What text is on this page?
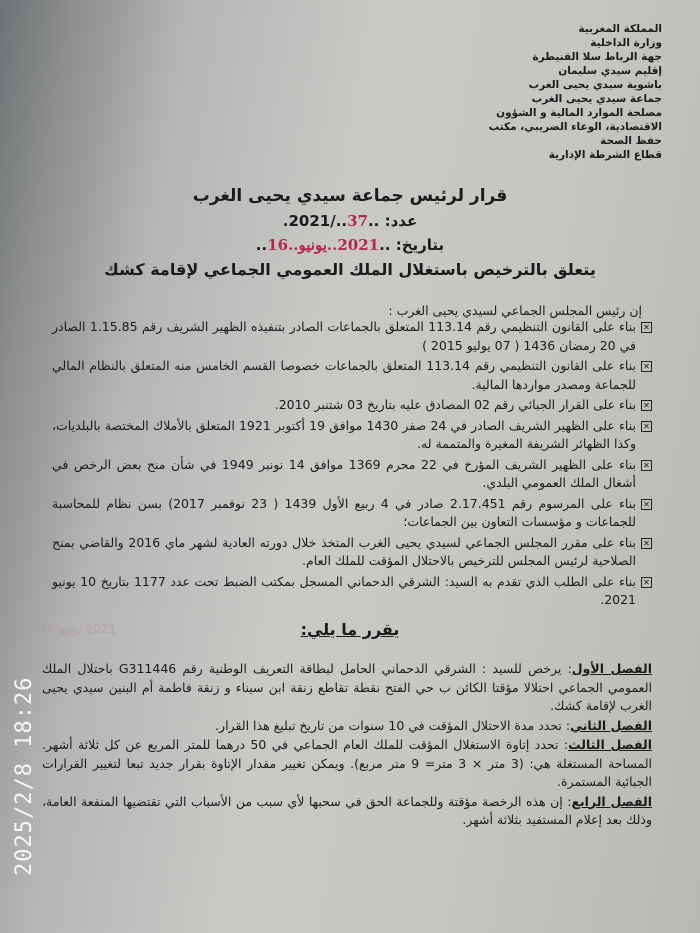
المملكة المغربية
وزارة الداخلية
جهة الرباط سلا القنيطرة
إقليم سيدي سليمان
باشوية سيدي يحيى الغرب
جماعة سيدي يحيى الغرب
مصلحة الموارد المالية و الشؤون
الاقتصادية، الوعاء الضريبي، مكتب
حفظ الصحة
قطاع الشرطة الإدارية
قرار لرئيس جماعة سيدي يحيى الغرب
عدد: ..37../2021.
بتاريخ: ..2021..يونيو..16..
يتعلق بالترخيص باستغلال الملك العمومي الجماعي لإقامة كشك
إن رئيس المجلس الجماعي لسيدي يحيى الغرب :
✕
بناء على القانون التنظيمي رقم 113.14 المتعلق بالجماعات الصادر بتنفيذه الظهير الشريف رقم 1.15.85 الصادر في 20 رمضان 1436 ( 07 يوليو 2015 )
✕
بناء على القانون التنظيمي رقم 113.14 المتعلق بالجماعات خصوصا القسم الخامس منه المتعلق بالنظام المالي للجماعة ومصدر مواردها المالية.
✕
بناء على القرار الجبائي رقم 02 المصادق عليه بتاريخ 03 شتنبر 2010.
✕
بناء على الظهير الشريف الصادر في 24 صفر 1430 موافق 19 أكتوبر 1921 المتعلق بالأملاك المختصة بالبلديات، وكذا الظهائر الشريفة المغيرة والمتممة له.
✕
بناء على الظهير الشريف المؤرخ في 22 محرم 1369 موافق 14 نونبر 1949 في شأن منح بعض الرخص في أشغال الملك العمومي البلدي.
✕
بناء على المرسوم رقم 2.17.451 صادر في 4 ربيع الأول 1439 ( 23 نوفمبر 2017) بسن نظام للمحاسبة للجماعات و مؤسسات التعاون بين الجماعات؛
✕
بناء على مقرر المجلس الجماعي لسيدي يحيى الغرب المتخذ خلال دورته العادية لشهر ماي 2016 والقاضي بمنح الصلاحية لرئيس المجلس للترخيص بالاحتلال المؤقت للملك العام.
✕
بناء على الطلب الذي تقدم به السيد: الشرقي الدحماني المسجل بمكتب الضبط تحت عدد 1177 بتاريخ 10 يونيو 2021.
يقرر ما يلي:
2021 يونيو 16
الفصل الأول: يرخص للسيد : الشرقي الدحماني الحامل لبطاقة التعريف الوطنية رقم G311446 باحتلال الملك العمومي الجماعي احتلالا مؤقتا الكائن ب حي الفتح نقطة تقاطع زنقة ابن سيناء و زنقة فاطمة أم البنين سيدي يحيى الغرب لإقامة كشك.
الفصل الثاني: تحدد مدة الاحتلال المؤقت في 10 سنوات من تاريخ تبليغ هذا القرار.
الفصل الثالث: تحدد إتاوة الاستغلال المؤقت للملك العام الجماعي في 50 درهما للمتر المربع عن كل ثلاثة أشهر. المساحة المستغلة هي: (3 متر × 3 متر= 9 متر مربع). ويمكن تغيير مقدار الإتاوة بقرار جديد تبعا لتغيير القرارات الجبائية المستمرة.
الفصل الرابع: إن هذه الرخصة مؤقتة وللجماعة الحق في سحبها لأي سبب من الأسباب التي تقتضيها المنفعة العامة، وذلك بعد إعلام المستفيد بثلاثة أشهر.
2025/2/8 18:26
